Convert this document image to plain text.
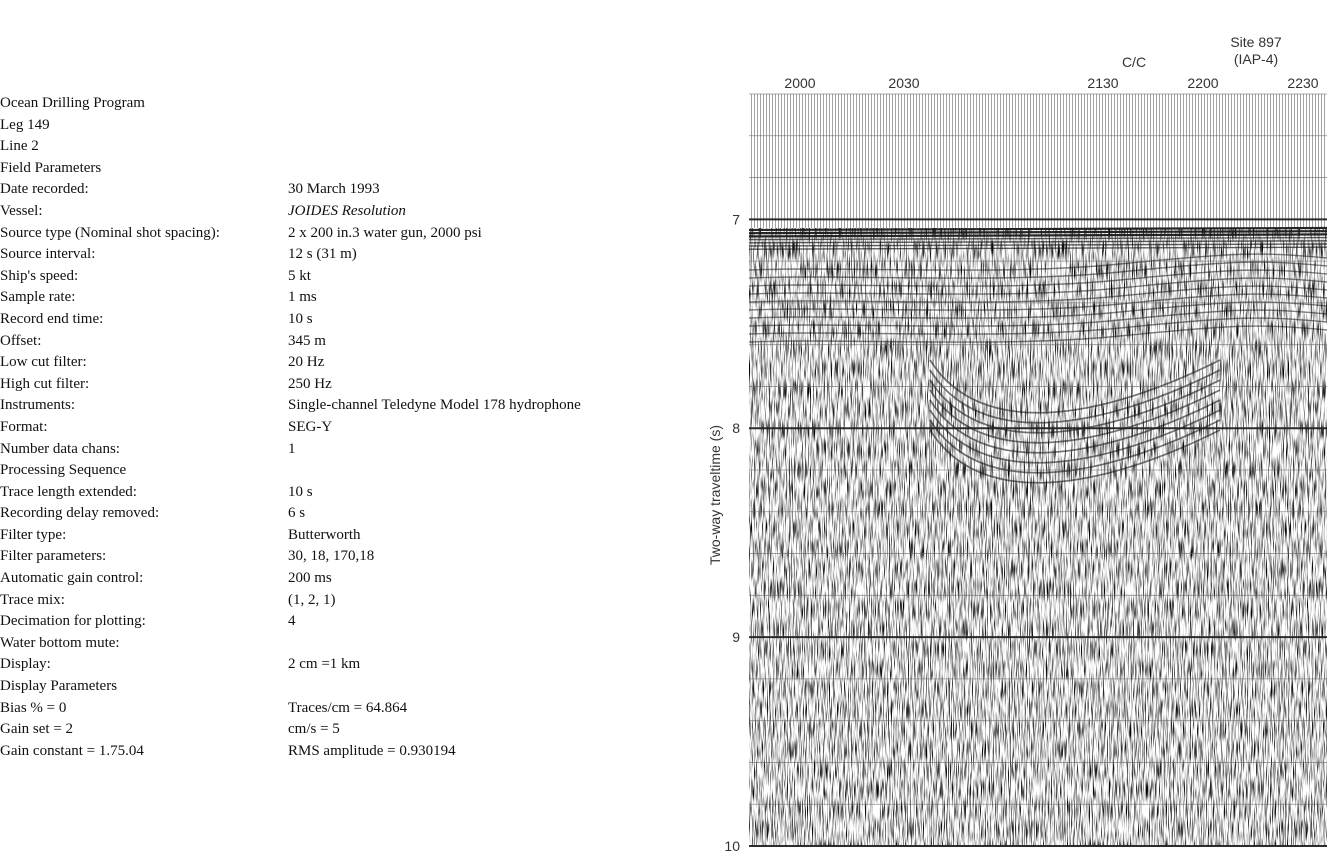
Ocean Drilling Program
Leg 149
Line 2
Field Parameters
Date recorded:	30 March 1993
Vessel:	JOIDES Resolution
Source type (Nominal shot spacing):	2 x 200 in.3 water gun, 2000 psi
Source interval:	12 s (31 m)
Ship's speed:	5 kt
Sample rate:	1 ms
Record end time:	10 s
Offset:	345 m
Low cut filter:	20 Hz
High cut filter:	250 Hz
Instruments:	Single-channel Teledyne Model 178 hydrophone
Format:	SEG-Y
Number data chans:	1
Processing Sequence
Trace length extended:	10 s
Recording delay removed:	6 s
Filter type:	Butterworth
Filter parameters:	30, 18, 170,18
Automatic gain control:	200 ms
Trace mix:	(1, 2, 1)
Decimation for plotting:	4
Water bottom mute:
Display:	2 cm =1 km
Display Parameters
Bias % = 0	Traces/cm = 64.864
Gain set = 2	cm/s = 5
Gain constant = 1.75.04	RMS amplitude = 0.930194
2000	2030	2130	2200	2230
Site 897
(IAP-4)
C/C
7
8
9
10
Two-way traveltime (s)
